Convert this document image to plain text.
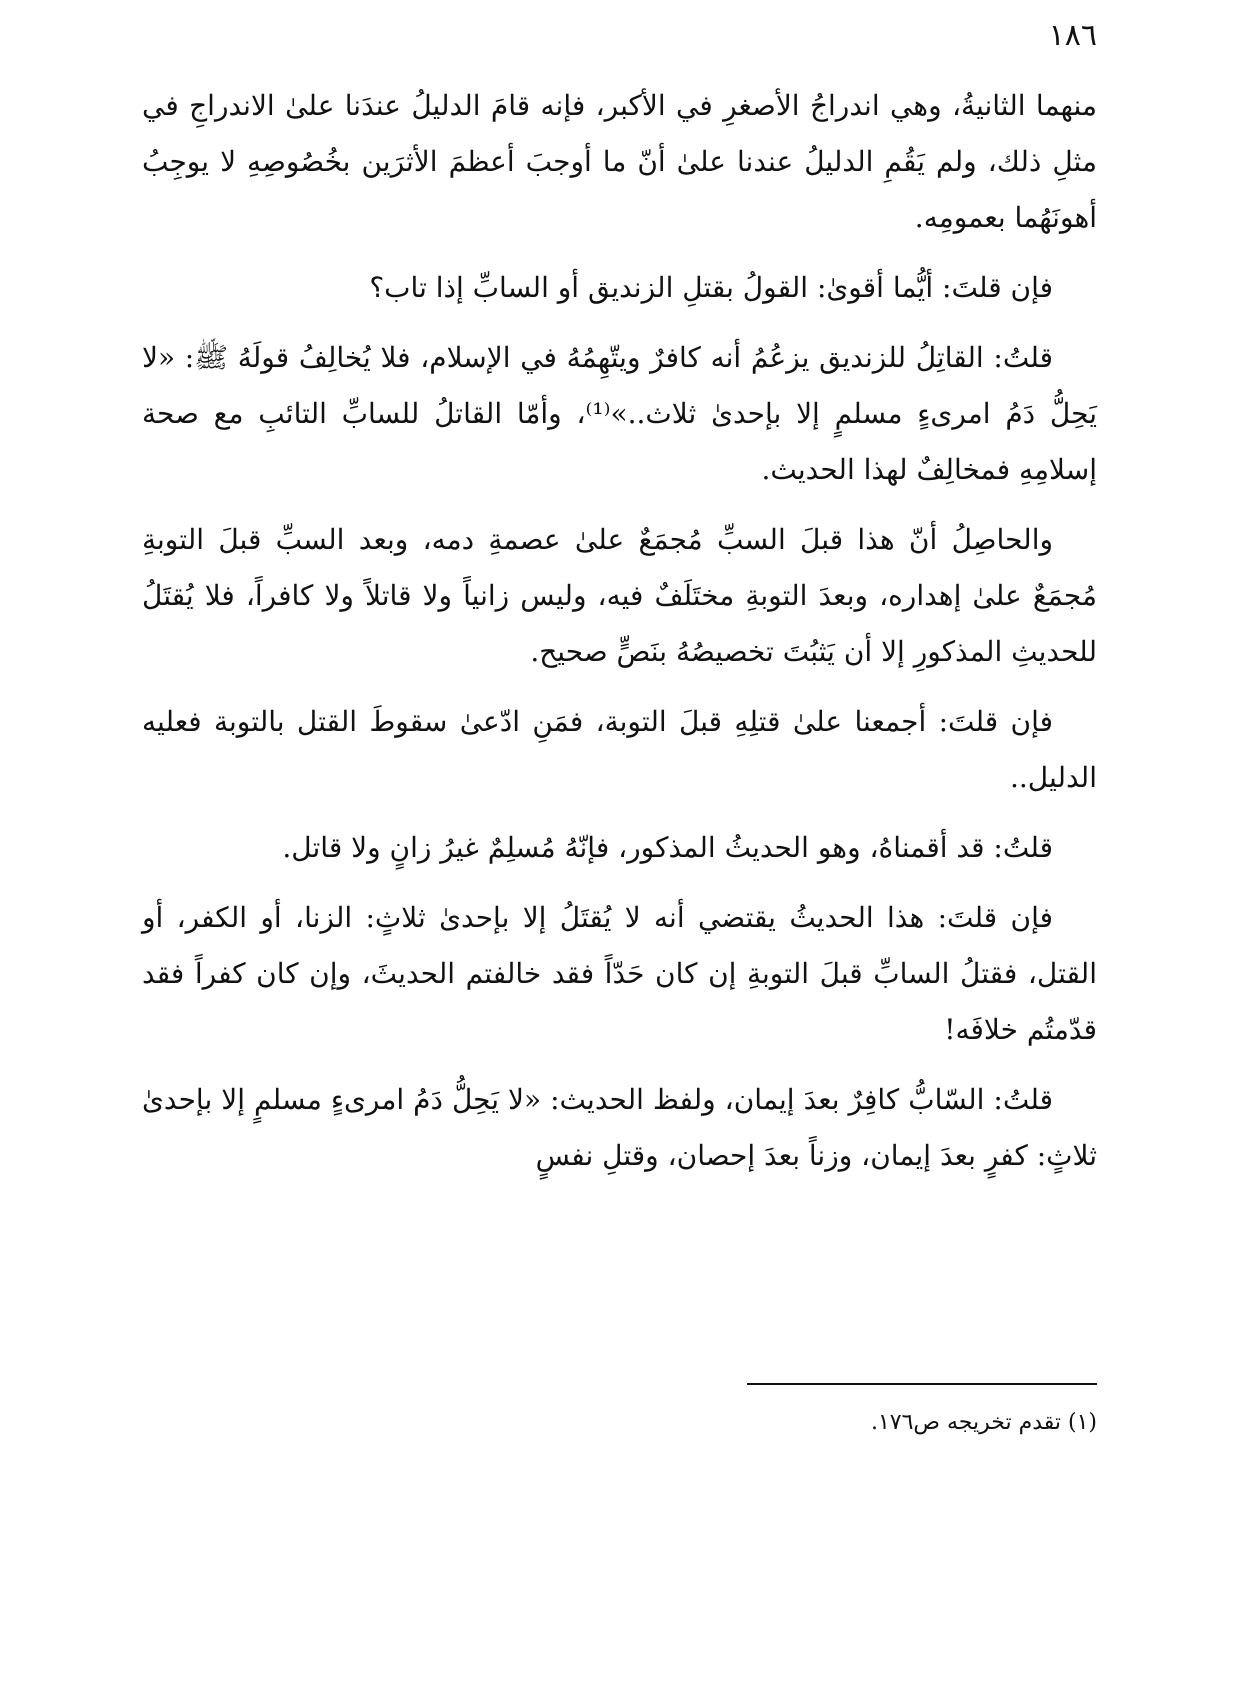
١٨٦

منهما الثانيةُ، وهي اندراجُ الأصغرِ في الأكبر، فإنه قامَ الدليلُ عندَنا علىٰ الاندراجِ في مثلِ ذلك، ولم يَقُمِ الدليلُ عندنا علىٰ أنّ ما أوجبَ أعظمَ الأثرَين بخُصُوصِهِ لا يوجِبُ أهونَهُما بعمومِه.

فإن قلتَ: أيُّما أقوىٰ: القولُ بقتلِ الزنديق أو السابِّ إذا تاب؟

قلتُ: القاتِلُ للزنديق يزعُمُ أنه كافرٌ ويتّهِمُهُ في الإسلام، فلا يُخالِفُ قولَهُ ﷺ: «لا يَحِلُّ دَمُ امرىءٍ مسلمٍ إلا بإحدىٰ ثلاث..»⁽¹⁾، وأمّا القاتلُ للسابِّ التائبِ مع صحة إسلامِهِ فمخالِفٌ لهذا الحديث.

والحاصِلُ أنّ هذا قبلَ السبِّ مُجمَعٌ علىٰ عصمةِ دمه، وبعد السبِّ قبلَ التوبةِ مُجمَعٌ علىٰ إهداره، وبعدَ التوبةِ مختَلَفٌ فيه، وليس زانياً ولا قاتلاً ولا كافراً، فلا يُقتَلُ للحديثِ المذكورِ إلا أن يَثبُتَ تخصيصُهُ بنَصٍّ صحيح.

فإن قلتَ: أجمعنا علىٰ قتلِهِ قبلَ التوبة، فمَنِ ادّعىٰ سقوطَ القتل بالتوبة فعليه الدليل..

قلتُ: قد أقمناهُ، وهو الحديثُ المذكور، فإنّهُ مُسلِمٌ غيرُ زانٍ ولا قاتل.

فإن قلتَ: هذا الحديثُ يقتضي أنه لا يُقتَلُ إلا بإحدىٰ ثلاثٍ: الزنا، أو الكفر، أو القتل، فقتلُ السابِّ قبلَ التوبةِ إن كان حَدّاً فقد خالفتم الحديثَ، وإن كان كفراً فقد قدّمتُم خلافَه!

قلتُ: السّابُّ كافِرٌ بعدَ إيمان، ولفظ الحديث: «لا يَحِلُّ دَمُ امرىءٍ مسلمٍ إلا بإحدىٰ ثلاثٍ: كفرٍ بعدَ إيمان، وزناً بعدَ إحصان، وقتلِ نفسٍ

(١) تقدم تخريجه ص١٧٦.
